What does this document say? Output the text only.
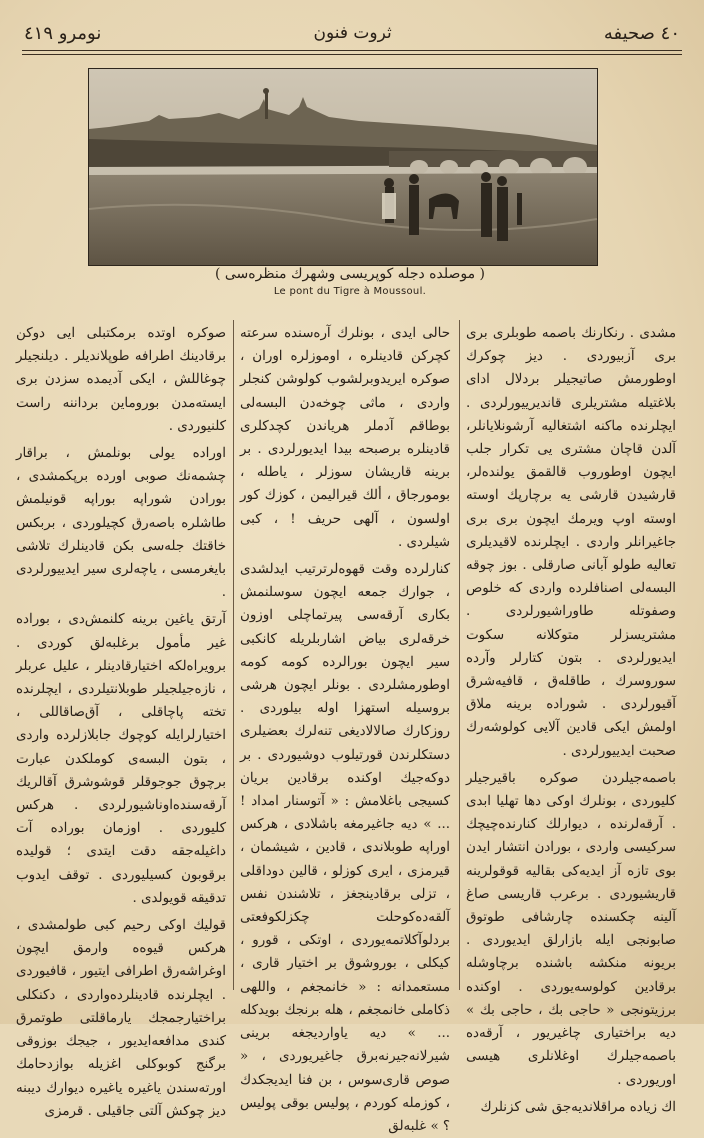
٤٠ صحیفه
ثروت فنون
نومرو ٤١٩
( موصلده دجله كوپریسی وشهرك منظره‌سی )
Le pont du Tigre à Moussoul.

مشدی . رنكارنك باصمه طوبلری بری بری آزبیوردی . دیز چوكرك اوطورمش صاتیجیلر بردلال ادای بلاغتیله مشتریلری قاندیرییورلردی . ایچلرنده ماكنه اشتغالیه آرشونلایانلر، آلدن قاچان مشتری یی تكرار جلب ایچون اوطوروب قالقمق یولنده‌لر، قارشیدن قارشی یه برچارپك اوسته اوسته اوپ ویرمك ایچون بری بری جاغیرانلر واردی . ایچلرنده لاقیدیلری تعالیه طولو آبانی صارقلی . بوز چوقه البسه‌لی اصنافلرده واردی كه خلوص وصفوتله طاوراشیورلردی . مشتریسزلر متوكلانه سكوت ایدیورلردی . بتون كتارلر وآرده سوروسرك ، طاقله‌ق ، قافیه‌شرق آقیورلردی . شوراده برینه ملاق اولمش ایكی قادین آلایی كولوشه‌رك صحبت ایدییورلردی .

باصمه‌جیلردن صوكره باقیرجیلر كلیوردی ، بونلرك اوكی دها تهلیا ابدی . آرقه‌لرنده ، دیوارلك كنارنده‌چیچك سركیسی واردی ، بورادن انتشار ایدن بوی تازه آز ایدیه‌كی بقالیه قوقولرینه قاریشیوردی . برعرب قاریسی صاغ آلینه چكسنده چارشافی طوتوق صابونجی ایله بازارلق ایدیوردی . بریونه منكشه باشنده برچاوشله برقادین كولوسه‌یوردی . اوكنده برزیتونجی « حاجی بك ، حاجی بك » دیه براختیاری چاغیریور ، آرقه‌ده باصمه‌جیلرك اوغلانلری هیسی اوریوردی .

اك زیاده مراقلاندیه‌جق شی كزنلرك

حالی ایدی ، بونلرك آره‌سنده سرعته كچركن قادینلره ، اوموزلره اوران ، صوكره ایریدوبرلشوب كولوشن كنجلر واردی ، ماثی چوخه‌دن البسه‌لی بوطاقم آدملر هریاندن كچدكلری قادینلره برصبحه بیدا ایدیورلردی . بر برینه قاریشان سوزلر ، یاطله ، بومورجاق ، ألك قیراليمن ، كوزك كور اولسون ، آلهی حریف ! ، كبی شیلردی .

كنارلرده وقت قهوه‌لرترتیب ایدلشدی ، جوارك جمعه ایچون سوسلنمش بكاری آرقه‌سی پیرتماچلی اوزون خرقه‌لری بیاض اشاربلریله كانكبی سیر ایچون بورالرده كومه كومه اوطورمشلردی . بونلر ایچون هرشی بروسیله استهزا اوله بیلوردی . روزكارك صالالادیغی تنه‌لرك بعضیلری دستكلرندن قورتیلوب دوشیوردی . بر دوكه‌جیك اوكنده برقادین بریان كسیجی باغلامش : « آتوسنار امداد ! ... » دیه جاغیرمغه باشلادی ، هركس اوراپه طوبلاندی ، قادین ، شیشمان ، قیرمزی ، ایری كوزلو ، قالین دوداقلی ، تزلی برقادینجغز ، تلاشندن نفس آلقه‌ده‌كوحلت چكزلكوفعتی بردلوآكلاتمه‌یوردی ، اوتكی ، قورو ، كیكلی ، بوروشوق بر اختیار قاری ، مستعمدانه : « خانمجغم ، واللهی ذكاملی خانمجغم ، هله برنجك بویدكله ... » دیه یاواردیجغه برینی شیرلانه‌جیرنه‌برق جاغیریوردی ، « صوص قاری‌سوس ، بن فنا ایدیجكدك ، كوزمله كوردم ، پولیس بوقی پولیس ؟ » غلبه‌لق

صوكره اوتده برمكتبلی ایی دوكن برقادینك اطرافه طوپلاندیلر . دیلنجیلر چوغاللش ، ایكی آدیمده سزدن بری ایسته‌مدن بوروماین برداننه راست كلنیوردی .

اوراده یولی بونلمش ، براقار چشمه‌نك صوبی اورده برپكمشدی ، بورادن شوراپه بوراپه قونیلمش طاشلره باصه‌رق كچیلوردی ، بربكس خاقتك جله‌سی بكن قادینلرك تلاشی بایغرمسی ، یاچه‌لری سیر ایدییورلردی .

آرتق یاغین برینه كلنمش‌دی ، بوراده غیر مأمول برغلبه‌لق كوردی . برویراه‌لكه اختیارقادینلر ، علیل عربلر ، نازه‌جیلجیلر طوبلانتیلردی ، ایچلرنده تخته پاچاقلی ، آق‌صاقاللی ، اختیارلرایله كوچوك جابلازلرده واردی ، بتون البسه‌ی كوملكدن عبارت برچوق جوجوقلر قوشوشرق آقالریك آرقه‌سنده‌اوناشیورلردی . هركس كلیوردی . اوزمان بوراده آت داغیله‌جقه دقت ایتدی ؛ قوليده برقوبون كسیلیوردی . توقف ایدوب تدقیقه قویولدی .

قوليك اوكی رحیم كبی طولمشدی ، هركس قیوه‌ه وارمق ایچون اوغراشه‌رق اطرافی ایتیور ، قافیوردی . ایچلرنده قادینلرده‌واردی ، دكنكلی براختیارجمجك یارماقلتی طوتمرق كندی مدافعه‌ایدیور ، جیجك بوزوقی برگنج كوبوكلی اغزیله بوازدحامك اورته‌سندن یاغیره یاغیره دیوارك دیبنه دیز چوكش آلتی جاقیلی . قرمزی
